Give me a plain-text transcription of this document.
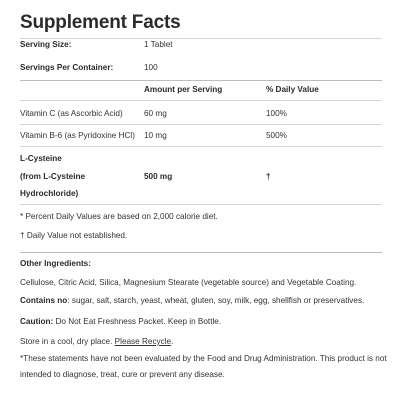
Supplement Facts
Serving Size:	1 Tablet
Servings Per Container:	100
Amount per Serving	% Daily Value
Vitamin C (as Ascorbic Acid)	60 mg	100%
Vitamin B-6 (as Pyridoxine HCl) 10 mg	500%
L-Cysteine
(from L-Cysteine	500 mg	†
Hydrochloride)
* Percent Daily Values are based on 2,000 calorie diet.
† Daily Value not established.
Other Ingredients:
Cellulose, Citric Acid, Silica, Magnesium Stearate (vegetable source) and Vegetable Coating.
Contains no: sugar, salt, starch, yeast, wheat, gluten, soy, milk, egg, shellfish or preservatives.
Caution: Do Not Eat Freshness Packet. Keep in Bottle.
Store in a cool, dry place. Please Recycle.
*These statements have not been evaluated by the Food and Drug Administration. This product is not
intended to diagnose, treat, cure or prevent any disease.
